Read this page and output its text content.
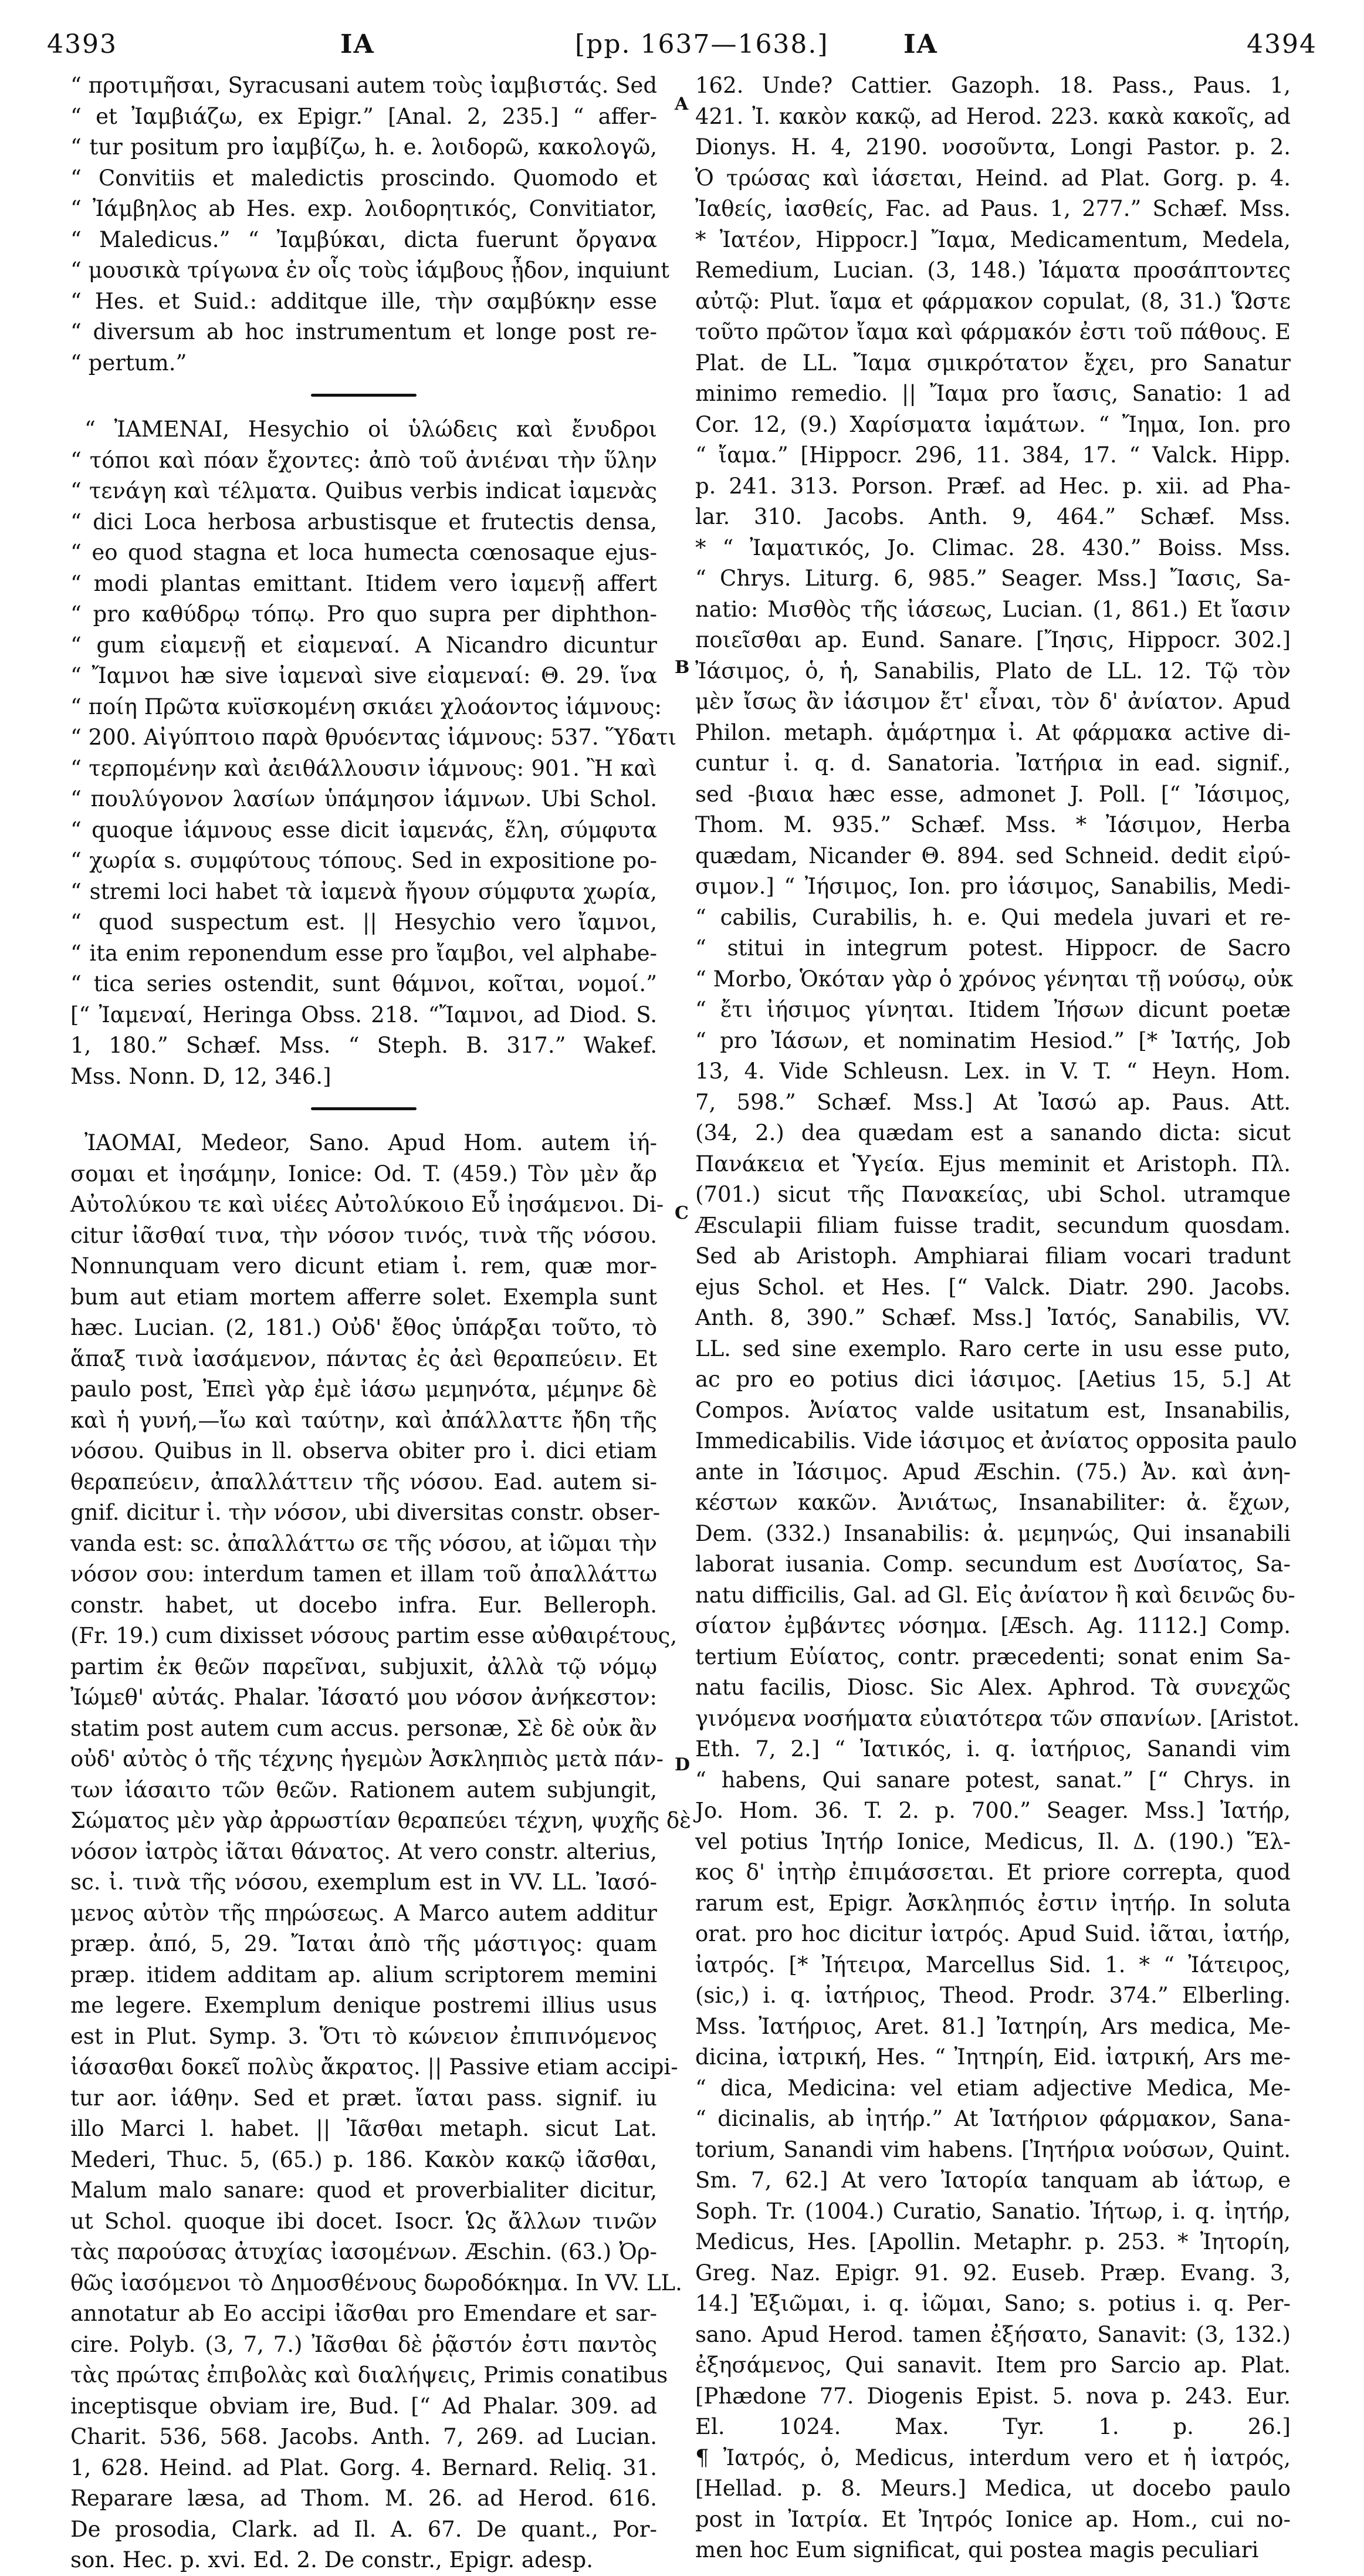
4393	IA	[pp. 1637—1638.]	IA	4394
“ προτιμῆσαι, Syracusani autem τοὺς ἰαμβιστάς. Sed
“ et Ἰαμβιάζω, ex Epigr.” [Anal. 2, 235.] “ affer-
“ tur positum pro ἰαμβίζω, h. e. λοιδορῶ, κακολογῶ,
“ Convitiis et maledictis proscindo. Quomodo et
“ Ἰάμβηλος ab Hes. exp. λοιδορητικός, Convitiator,
“ Maledicus.” “ Ἰαμβύκαι, dicta fuerunt ὄργανα
“ μουσικὰ τρίγωνα ἐν οἷς τοὺς ἰάμβους ᾖδον, inquiunt
“ Hes. et Suid.: additque ille, τὴν σαμβύκην esse
“ diversum ab hoc instrumentum et longe post re-
“ pertum.”
“ ἸΑΜΕΝΑΙ, Hesychio οἱ ὑλώδεις καὶ ἔνυδροι
“ τόποι καὶ πόαν ἔχοντες: ἀπὸ τοῦ ἀνιέναι τὴν ὕλην
“ τενάγη καὶ τέλματα. Quibus verbis indicat ἰαμενὰς
“ dici Loca herbosa arbustisque et frutectis densa,
“ eo quod stagna et loca humecta cœnosaque ejus-
“ modi plantas emittant. Itidem vero ἰαμενῇ affert
“ pro καθύδρῳ τόπῳ. Pro quo supra per diphthon-
“ gum εἰαμενῇ et εἰαμεναί. A Nicandro dicuntur
“ Ἴαμνοι hæ sive ἰαμεναὶ sive εἰαμεναί: Θ. 29. ἵνα
“ ποίη Πρῶτα κυϊσκομένη σκιάει χλοάοντος ἰάμνους:
“ 200. Αἰγύπτοιο παρὰ θρυόεντας ἰάμνους: 537. Ὕδατι
“ τερπομένην καὶ ἀειθάλλουσιν ἰάμνους: 901. Ἢ καὶ
“ πουλύγονον λασίων ὑπάμησον ἰάμνων. Ubi Schol.
“ quoque ἰάμνους esse dicit ἰαμενάς, ἕλη, σύμφυτα
“ χωρία s. συμφύτους τόπους. Sed in expositione po-
“ stremi loci habet τὰ ἰαμενὰ ἤγουν σύμφυτα χωρία,
“ quod suspectum est. || Hesychio vero ἴαμνοι,
“ ita enim reponendum esse pro ἴαμβοι, vel alphabe-
“ tica series ostendit, sunt θάμνοι, κοῖται, νομοί.”
[“ Ἰαμεναί, Heringa Obss. 218. “Ἴαμνοι, ad Diod. S.
1, 180.” Schæf. Mss. “ Steph. B. 317.” Wakef.
Mss. Nonn. D, 12, 346.]
ἸΑΟΜΑΙ, Medeor, Sano. Apud Hom. autem ἰή-
σομαι et ἰησάμην, Ionice: Od. T. (459.) Τὸν μὲν ἄρ
Αὐτολύκου τε καὶ υἱέες Αὐτολύκοιο Εὖ ἰησάμενοι. Di-
citur ἰᾶσθαί τινα, τὴν νόσον τινός, τινὰ τῆς νόσου.
Nonnunquam vero dicunt etiam ἰ. rem, quæ mor-
bum aut etiam mortem afferre solet. Exempla sunt
hæc. Lucian. (2, 181.) Οὐδ' ἔθος ὑπάρξαι τοῦτο, τὸ
ἅπαξ τινὰ ἰασάμενον, πάντας ἐς ἀεὶ θεραπεύειν. Et
paulo post, Ἐπεὶ γὰρ ἐμὲ ἰάσω μεμηνότα, μέμηνε δὲ
καὶ ἡ γυνή,—ἴω καὶ ταύτην, καὶ ἀπάλλαττε ἤδη τῆς
νόσου. Quibus in ll. observa obiter pro ἰ. dici etiam
θεραπεύειν, ἀπαλλάττειν τῆς νόσου. Ead. autem si-
gnif. dicitur ἰ. τὴν νόσον, ubi diversitas constr. obser-
vanda est: sc. ἀπαλλάττω σε τῆς νόσου, at ἰῶμαι τὴν
νόσον σου: interdum tamen et illam τοῦ ἀπαλλάττω
constr. habet, ut docebo infra. Eur. Belleroph.
(Fr. 19.) cum dixisset νόσους partim esse αὐθαιρέτους,
partim ἐκ θεῶν παρεῖναι, subjuxit, ἀλλὰ τῷ νόμῳ
Ἰώμεθ' αὐτάς. Phalar. Ἰάσατό μου νόσον ἀνήκεστον:
statim post autem cum accus. personæ, Σὲ δὲ οὐκ ἂν
οὐδ' αὐτὸς ὁ τῆς τέχνης ἡγεμὼν Ἀσκληπιὸς μετὰ πάν-
των ἰάσαιτο τῶν θεῶν. Rationem autem subjungit,
Σώματος μὲν γὰρ ἀρρωστίαν θεραπεύει τέχνη, ψυχῆς δὲ
νόσον ἰατρὸς ἰᾶται θάνατος. At vero constr. alterius,
sc. ἰ. τινὰ τῆς νόσου, exemplum est in VV. LL. Ἰασό-
μενος αὐτὸν τῆς πηρώσεως. A Marco autem additur
præp. ἀπό, 5, 29. Ἴαται ἀπὸ τῆς μάστιγος: quam
præp. itidem additam ap. alium scriptorem memini
me legere. Exemplum denique postremi illius usus
est in Plut. Symp. 3. Ὅτι τὸ κώνειον ἐπιπινόμενος
ἰάσασθαι δοκεῖ πολὺς ἄκρατος. || Passive etiam accipi-
tur aor. ἰάθην. Sed et præt. ἴαται pass. signif. iu
illo Marci l. habet. || Ἰᾶσθαι metaph. sicut Lat.
Mederi, Thuc. 5, (65.) p. 186. Κακὸν κακῷ ἰᾶσθαι,
Malum malo sanare: quod et proverbialiter dicitur,
ut Schol. quoque ibi docet. Isocr. Ὡς ἄλλων τινῶν
τὰς παρούσας ἀτυχίας ἰασομένων. Æschin. (63.) Ὀρ-
θῶς ἰασόμενοι τὸ Δημοσθένους δωροδόκημα. In VV. LL.
annotatur ab Eo accipi ἰᾶσθαι pro Emendare et sar-
cire. Polyb. (3, 7, 7.) Ἰᾶσθαι δὲ ῥᾷστόν ἐστι παντὸς
τὰς πρώτας ἐπιβολὰς καὶ διαλήψεις, Primis conatibus
inceptisque obviam ire, Bud. [“ Ad Phalar. 309. ad
Charit. 536, 568. Jacobs. Anth. 7, 269. ad Lucian.
1, 628. Heind. ad Plat. Gorg. 4. Bernard. Reliq. 31.
Reparare læsa, ad Thom. M. 26. ad Herod. 616.
De prosodia, Clark. ad Il. A. 67. De quant., Por-
son. Hec. p. xvi. Ed. 2. De constr., Epigr. adesp.
A
B
C
D
162. Unde? Cattier. Gazoph. 18. Pass., Paus. 1,
421. Ἰ. κακὸν κακῷ, ad Herod. 223. κακὰ κακοῖς, ad
Dionys. H. 4, 2190. νοσοῦντα, Longi Pastor. p. 2.
Ὁ τρώσας καὶ ἰάσεται, Heind. ad Plat. Gorg. p. 4.
Ἰαθείς, ἰασθείς, Fac. ad Paus. 1, 277.” Schæf. Mss.
* Ἰατέον, Hippocr.] Ἴαμα, Medicamentum, Medela,
Remedium, Lucian. (3, 148.) Ἰάματα προσάπτοντες
αὐτῷ: Plut. ἴαμα et φάρμακον copulat, (8, 31.) Ὥστε
τοῦτο πρῶτον ἴαμα καὶ φάρμακόν ἐστι τοῦ πάθους. E
Plat. de LL. Ἴαμα σμικρότατον ἔχει, pro Sanatur
minimo remedio. || Ἴαμα pro ἴασις, Sanatio: 1 ad
Cor. 12, (9.) Χαρίσματα ἰαμάτων. “ Ἴημα, Ion. pro
“ ἴαμα.” [Hippocr. 296, 11. 384, 17. “ Valck. Hipp.
p. 241. 313. Porson. Præf. ad Hec. p. xii. ad Pha-
lar. 310. Jacobs. Anth. 9, 464.” Schæf. Mss.
* “ Ἰαματικός, Jo. Climac. 28. 430.” Boiss. Mss.
“ Chrys. Liturg. 6, 985.” Seager. Mss.] Ἴασις, Sa-
natio: Μισθὸς τῆς ἰάσεως, Lucian. (1, 861.) Et ἴασιν
ποιεῖσθαι ap. Eund. Sanare. [Ἴησις, Hippocr. 302.]
Ἰάσιμος, ὁ, ἡ, Sanabilis, Plato de LL. 12. Τῷ τὸν
μὲν ἴσως ἂν ἰάσιμον ἔτ' εἶναι, τὸν δ' ἀνίατον. Apud
Philon. metaph. ἁμάρτημα ἰ. At φάρμακα active di-
cuntur ἰ. q. d. Sanatoria. Ἰατήρια in ead. signif.,
sed -βιαια hæc esse, admonet J. Poll. [“ Ἰάσιμος,
Thom. M. 935.” Schæf. Mss. * Ἰάσιμον, Herba
quædam, Nicander Θ. 894. sed Schneid. dedit εἰρύ-
σιμον.] “ Ἰήσιμος, Ion. pro ἰάσιμος, Sanabilis, Medi-
“ cabilis, Curabilis, h. e. Qui medela juvari et re-
“ stitui in integrum potest. Hippocr. de Sacro
“ Morbo, Ὁκόταν γὰρ ὁ χρόνος γένηται τῇ νούσῳ, οὐκ
“ ἔτι ἰήσιμος γίνηται. Itidem Ἰήσων dicunt poetæ
“ pro Ἰάσων, et nominatim Hesiod.” [* Ἰατής, Job
13, 4. Vide Schleusn. Lex. in V. T. “ Heyn. Hom.
7, 598.” Schæf. Mss.] At Ἰασώ ap. Paus. Att.
(34, 2.) dea quædam est a sanando dicta: sicut
Πανάκεια et Ὑγεία. Ejus meminit et Aristoph. Πλ.
(701.) sicut τῆς Πανακείας, ubi Schol. utramque
Æsculapii filiam fuisse tradit, secundum quosdam.
Sed ab Aristoph. Amphiarai filiam vocari tradunt
ejus Schol. et Hes. [“ Valck. Diatr. 290. Jacobs.
Anth. 8, 390.” Schæf. Mss.] Ἰατός, Sanabilis, VV.
LL. sed sine exemplo. Raro certe in usu esse puto,
ac pro eo potius dici ἰάσιμος. [Aetius 15, 5.] At
Compos. Ἀνίατος valde usitatum est, Insanabilis,
Immedicabilis. Vide ἰάσιμος et ἀνίατος opposita paulo
ante in Ἰάσιμος. Apud Æschin. (75.) Ἀν. καὶ ἀνη-
κέστων κακῶν. Ἀνιάτως, Insanabiliter: ἀ. ἔχων,
Dem. (332.) Insanabilis: ἀ. μεμηνώς, Qui insanabili
laborat iusania. Comp. secundum est Δυσίατος, Sa-
natu difficilis, Gal. ad Gl. Εἰς ἀνίατον ἢ καὶ δεινῶς δυ-
σίατον ἐμβάντες νόσημα. [Æsch. Ag. 1112.] Comp.
tertium Εὐίατος, contr. præcedenti; sonat enim Sa-
natu facilis, Diosc. Sic Alex. Aphrod. Τὰ συνεχῶς
γινόμενα νοσήματα εὐιατότερα τῶν σπανίων. [Aristot.
Eth. 7, 2.] “ Ἰατικός, i. q. ἰατήριος, Sanandi vim
“ habens, Qui sanare potest, sanat.” [“ Chrys. in
Jo. Hom. 36. T. 2. p. 700.” Seager. Mss.] Ἰατήρ,
vel potius Ἰητήρ Ionice, Medicus, Il. Δ. (190.) Ἕλ-
κος δ' ἰητὴρ ἐπιμάσσεται. Et priore correpta, quod
rarum est, Epigr. Ἀσκληπιός ἐστιν ἰητήρ. In soluta
orat. pro hoc dicitur ἰατρός. Apud Suid. ἰᾶται, ἰατήρ,
ἰατρός. [* Ἰήτειρα, Marcellus Sid. 1. * “ Ἰάτειρος,
(sic,) i. q. ἰατήριος, Theod. Prodr. 374.” Elberling.
Mss. Ἰατήριος, Aret. 81.] Ἰατηρίη, Ars medica, Me-
dicina, ἰατρική, Hes. “ Ἰητηρίη, Eid. ἰατρική, Ars me-
“ dica, Medicina: vel etiam adjective Medica, Me-
“ dicinalis, ab ἰητήρ.” At Ἰατήριον φάρμακον, Sana-
torium, Sanandi vim habens. [Ἰητήρια νούσων, Quint.
Sm. 7, 62.] At vero Ἰατορία tanquam ab ἰάτωρ, e
Soph. Tr. (1004.) Curatio, Sanatio. Ἰήτωρ, i. q. ἰητήρ,
Medicus, Hes. [Apollin. Metaphr. p. 253. * Ἰητορίη,
Greg. Naz. Epigr. 91. 92. Euseb. Præp. Evang. 3,
14.] Ἐξιῶμαι, i. q. ἰῶμαι, Sano; s. potius i. q. Per-
sano. Apud Herod. tamen ἐξήσατο, Sanavit: (3, 132.)
ἐξησάμενος, Qui sanavit. Item pro Sarcio ap. Plat.
[Phædone 77. Diogenis Epist. 5. nova p. 243. Eur.
El. 1024. Max. Tyr. 1. p. 26.]
¶ Ἰατρός, ὁ, Medicus, interdum vero et ἡ ἰατρός,
[Hellad. p. 8. Meurs.] Medica, ut docebo paulo
post in Ἰατρία. Et Ἰητρός Ionice ap. Hom., cui no-
men hoc Eum significat, qui postea magis peculiari
